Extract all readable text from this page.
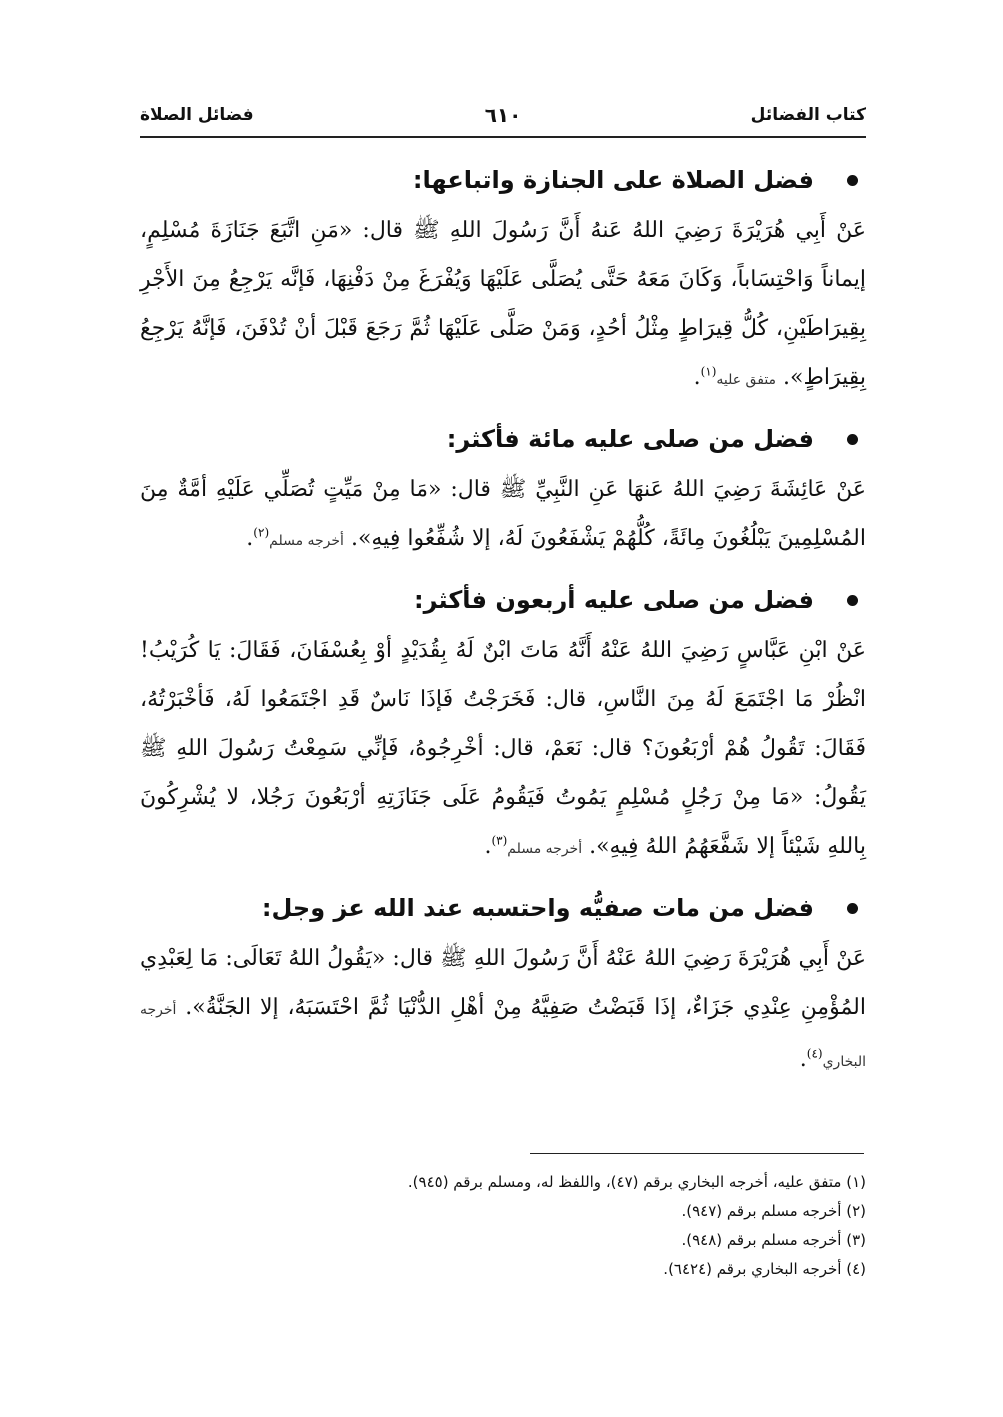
كتاب الفضائل
٦١٠
فضائل الصلاة
فضل الصلاة على الجنازة واتباعها:

عَنْ أَبِي هُرَيْرَةَ رَضِيَ اللهُ عَنهُ أَنَّ رَسُولَ اللهِ ﷺ قال: «مَنِ اتَّبَعَ جَنَازَةَ مُسْلِمٍ، إيماناً وَاحْتِسَاباً، وَكَانَ مَعَهُ حَتَّى يُصَلَّى عَلَيْهَا وَيُفْرَغَ مِنْ دَفْنِهَا، فَإنَّه يَرْجِعُ مِنَ الأَجْرِ بِقِيرَاطَيْنِ، كُلُّ قِيرَاطٍ مِثْلُ أحُدٍ، وَمَنْ صَلَّى عَلَيْهَا ثُمَّ رَجَعَ قَبْلَ أنْ تُدْفَنَ، فَإنَّهُ يَرْجِعُ بِقِيرَاطٍ». متفق عليه$^{(١)}$.

فضل من صلى عليه مائة فأكثر:

عَنْ عَائِشَةَ رَضِيَ اللهُ عَنهَا عَنِ النَّبِيِّ ﷺ قال: «مَا مِنْ مَيِّتٍ تُصَلِّي عَلَيْهِ أمَّةٌ مِنَ المُسْلِمِينَ يَبْلُغُونَ مِائَةً، كُلُّهُمْ يَشْفَعُونَ لَهُ، إلا شُفِّعُوا فِيهِ». أخرجه مسلم$^{(٢)}$.

فضل من صلى عليه أربعون فأكثر:

عَنْ ابْنِ عَبَّاسٍ رَضِيَ اللهُ عَنْهُ أَنَّهُ مَاتَ ابْنٌ لَهُ بِقُدَيْدٍ أوْ بِعُسْفَانَ، فَقَالَ: يَا كُرَيْبُ! انْظُرْ مَا اجْتَمَعَ لَهُ مِنَ النَّاسِ، قال: فَخَرَجْتُ فَإذَا نَاسٌ قَدِ اجْتَمَعُوا لَهُ، فَأخْبَرْتُهُ، فَقَالَ: تَقُولُ هُمْ أرْبَعُونَ؟ قال: نَعَمْ، قال: أخْرِجُوهُ، فَإنِّي سَمِعْتُ رَسُولَ اللهِ ﷺ يَقُولُ: «مَا مِنْ رَجُلٍ مُسْلِمٍ يَمُوتُ فَيَقُومُ عَلَى جَنَازَتِهِ أرْبَعُونَ رَجُلا، لا يُشْرِكُونَ بِاللهِ شَيْئاً إلا شَفَّعَهُمُ اللهُ فِيهِ». أخرجه مسلم$^{(٣)}$.

فضل من مات صفيُّه واحتسبه عند الله عز وجل:

عَنْ أَبِي هُرَيْرَةَ رَضِيَ اللهُ عَنْهُ أَنَّ رَسُولَ اللهِ ﷺ قال: «يَقُولُ اللهُ تَعَالَى: مَا لِعَبْدِي المُؤْمِنِ عِنْدِي جَزَاءٌ، إذَا قَبَضْتُ صَفِيَّهُ مِنْ أهْلِ الدُّنْيَا ثُمَّ احْتَسَبَهُ، إلا الجَنَّةُ». أخرجه البخاري$^{(٤)}$.

(١) متفق عليه، أخرجه البخاري برقم (٤٧)، واللفظ له، ومسلم برقم (٩٤٥).

(٢) أخرجه مسلم برقم (٩٤٧).

(٣) أخرجه مسلم برقم (٩٤٨).

(٤) أخرجه البخاري برقم (٦٤٢٤).
